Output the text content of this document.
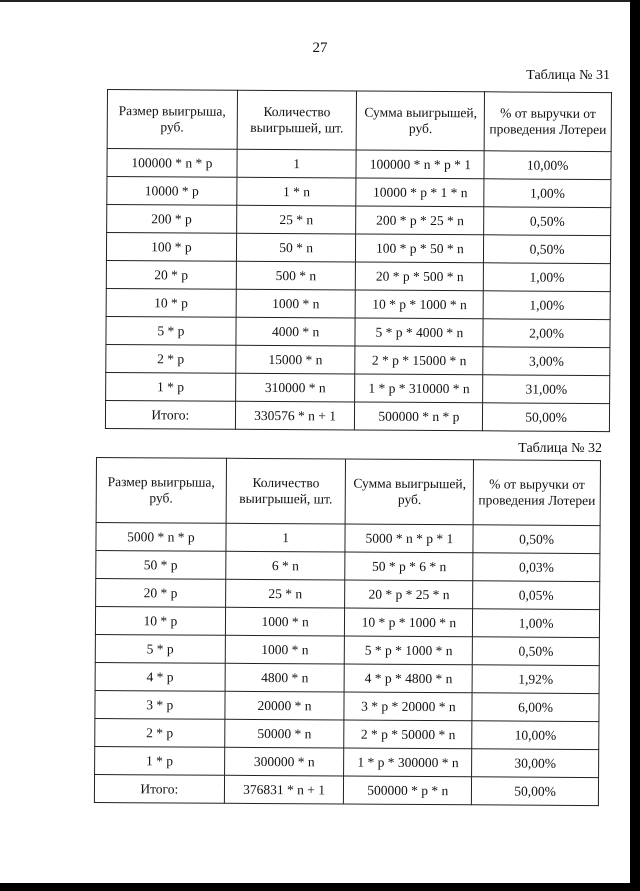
27
Таблица № 31
Размер выигрыша, руб.	Количество выигрышей, шт.	Сумма выигрышей, руб.	% от выручки от проведения Лотереи
100000 * n * p	1	100000 * n * p * 1	10,00%
10000 * p	1 * n	10000 * p * 1 * n	1,00%
200 * p	25 * n	200 * p * 25 * n	0,50%
100 * p	50 * n	100 * p * 50 * n	0,50%
20 * p	500 * n	20 * p * 500 * n	1,00%
10 * p	1000 * n	10 * p * 1000 * n	1,00%
5 * p	4000 * n	5 * p * 4000 * n	2,00%
2 * p	15000 * n	2 * p * 15000 * n	3,00%
1 * p	310000 * n	1 * p * 310000 * n	31,00%
Итого:	330576 * n + 1	500000 * n * p	50,00%
Таблица № 32
Размер выигрыша, руб.	Количество выигрышей, шт.	Сумма выигрышей, руб.	% от выручки от проведения Лотереи
5000 * n * p	1	5000 * n * p * 1	0,50%
50 * p	6 * n	50 * p * 6 * n	0,03%
20 * p	25 * n	20 * p * 25 * n	0,05%
10 * p	1000 * n	10 * p * 1000 * n	1,00%
5 * p	1000 * n	5 * p * 1000 * n	0,50%
4 * p	4800 * n	4 * p * 4800 * n	1,92%
3 * p	20000 * n	3 * p * 20000 * n	6,00%
2 * p	50000 * n	2 * p * 50000 * n	10,00%
1 * p	300000 * n	1 * p * 300000 * n	30,00%
Итого:	376831 * n + 1	500000 * p * n	50,00%
